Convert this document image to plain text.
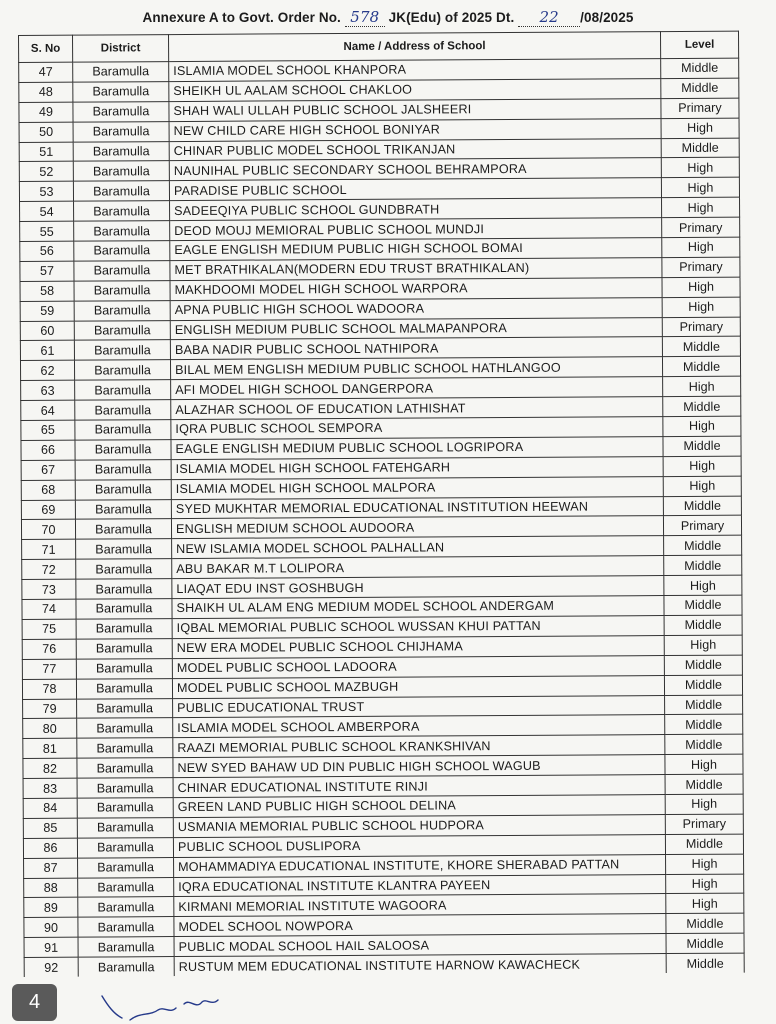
Annexure A to Govt. Order No. 578 JK(Edu) of 2025 Dt. 22 /08/2025
S. No	District	Name / Address of School	Level
47	Baramulla	ISLAMIA MODEL SCHOOL KHANPORA	Middle
48	Baramulla	SHEIKH UL AALAM SCHOOL CHAKLOO	Middle
49	Baramulla	SHAH WALI ULLAH PUBLIC SCHOOL JALSHEERI	Primary
50	Baramulla	NEW CHILD CARE HIGH SCHOOL BONIYAR	High
51	Baramulla	CHINAR PUBLIC MODEL SCHOOL TRIKANJAN	Middle
52	Baramulla	NAUNIHAL PUBLIC SECONDARY SCHOOL BEHRAMPORA	High
53	Baramulla	PARADISE PUBLIC SCHOOL	High
54	Baramulla	SADEEQIYA PUBLIC SCHOOL GUNDBRATH	High
55	Baramulla	DEOD MOUJ MEMIORAL PUBLIC SCHOOL MUNDJI	Primary
56	Baramulla	EAGLE ENGLISH MEDIUM PUBLIC HIGH SCHOOL BOMAI	High
57	Baramulla	MET BRATHIKALAN(MODERN EDU TRUST BRATHIKALAN)	Primary
58	Baramulla	MAKHDOOMI MODEL HIGH SCHOOL WARPORA	High
59	Baramulla	APNA PUBLIC HIGH SCHOOL WADOORA	High
60	Baramulla	ENGLISH MEDIUM PUBLIC SCHOOL MALMAPANPORA	Primary
61	Baramulla	BABA NADIR PUBLIC SCHOOL NATHIPORA	Middle
62	Baramulla	BILAL MEM ENGLISH MEDIUM PUBLIC SCHOOL HATHLANGOO	Middle
63	Baramulla	AFI MODEL HIGH SCHOOL DANGERPORA	High
64	Baramulla	ALAZHAR SCHOOL OF EDUCATION LATHISHAT	Middle
65	Baramulla	IQRA PUBLIC SCHOOL SEMPORA	High
66	Baramulla	EAGLE ENGLISH MEDIUM PUBLIC SCHOOL LOGRIPORA	Middle
67	Baramulla	ISLAMIA MODEL HIGH SCHOOL FATEHGARH	High
68	Baramulla	ISLAMIA MODEL HIGH SCHOOL MALPORA	High
69	Baramulla	SYED MUKHTAR MEMORIAL EDUCATIONAL INSTITUTION HEEWAN	Middle
70	Baramulla	ENGLISH MEDIUM SCHOOL AUDOORA	Primary
71	Baramulla	NEW ISLAMIA MODEL SCHOOL PALHALLAN	Middle
72	Baramulla	ABU BAKAR M.T LOLIPORA	Middle
73	Baramulla	LIAQAT EDU INST GOSHBUGH	High
74	Baramulla	SHAIKH UL ALAM ENG MEDIUM MODEL SCHOOL ANDERGAM	Middle
75	Baramulla	IQBAL MEMORIAL PUBLIC SCHOOL WUSSAN KHUI PATTAN	Middle
76	Baramulla	NEW ERA MODEL PUBLIC SCHOOL CHIJHAMA	High
77	Baramulla	MODEL PUBLIC SCHOOL LADOORA	Middle
78	Baramulla	MODEL PUBLIC SCHOOL MAZBUGH	Middle
79	Baramulla	PUBLIC EDUCATIONAL TRUST	Middle
80	Baramulla	ISLAMIA MODEL SCHOOL AMBERPORA	Middle
81	Baramulla	RAAZI MEMORIAL PUBLIC SCHOOL KRANKSHIVAN	Middle
82	Baramulla	NEW SYED BAHAW UD DIN PUBLIC HIGH SCHOOL WAGUB	High
83	Baramulla	CHINAR EDUCATIONAL INSTITUTE RINJI	Middle
84	Baramulla	GREEN LAND PUBLIC HIGH SCHOOL DELINA	High
85	Baramulla	USMANIA MEMORIAL PUBLIC SCHOOL HUDPORA	Primary
86	Baramulla	PUBLIC SCHOOL DUSLIPORA	Middle
87	Baramulla	MOHAMMADIYA EDUCATIONAL INSTITUTE, KHORE SHERABAD PATTAN	High
88	Baramulla	IQRA EDUCATIONAL INSTITUTE KLANTRA PAYEEN	High
89	Baramulla	KIRMANI MEMORIAL INSTITUTE WAGOORA	High
90	Baramulla	MODEL SCHOOL NOWPORA	Middle
91	Baramulla	PUBLIC MODAL SCHOOL HAIL SALOOSA	Middle
92	Baramulla	RUSTUM MEM EDUCATIONAL INSTITUTE HARNOW KAWACHECK	Middle
4
